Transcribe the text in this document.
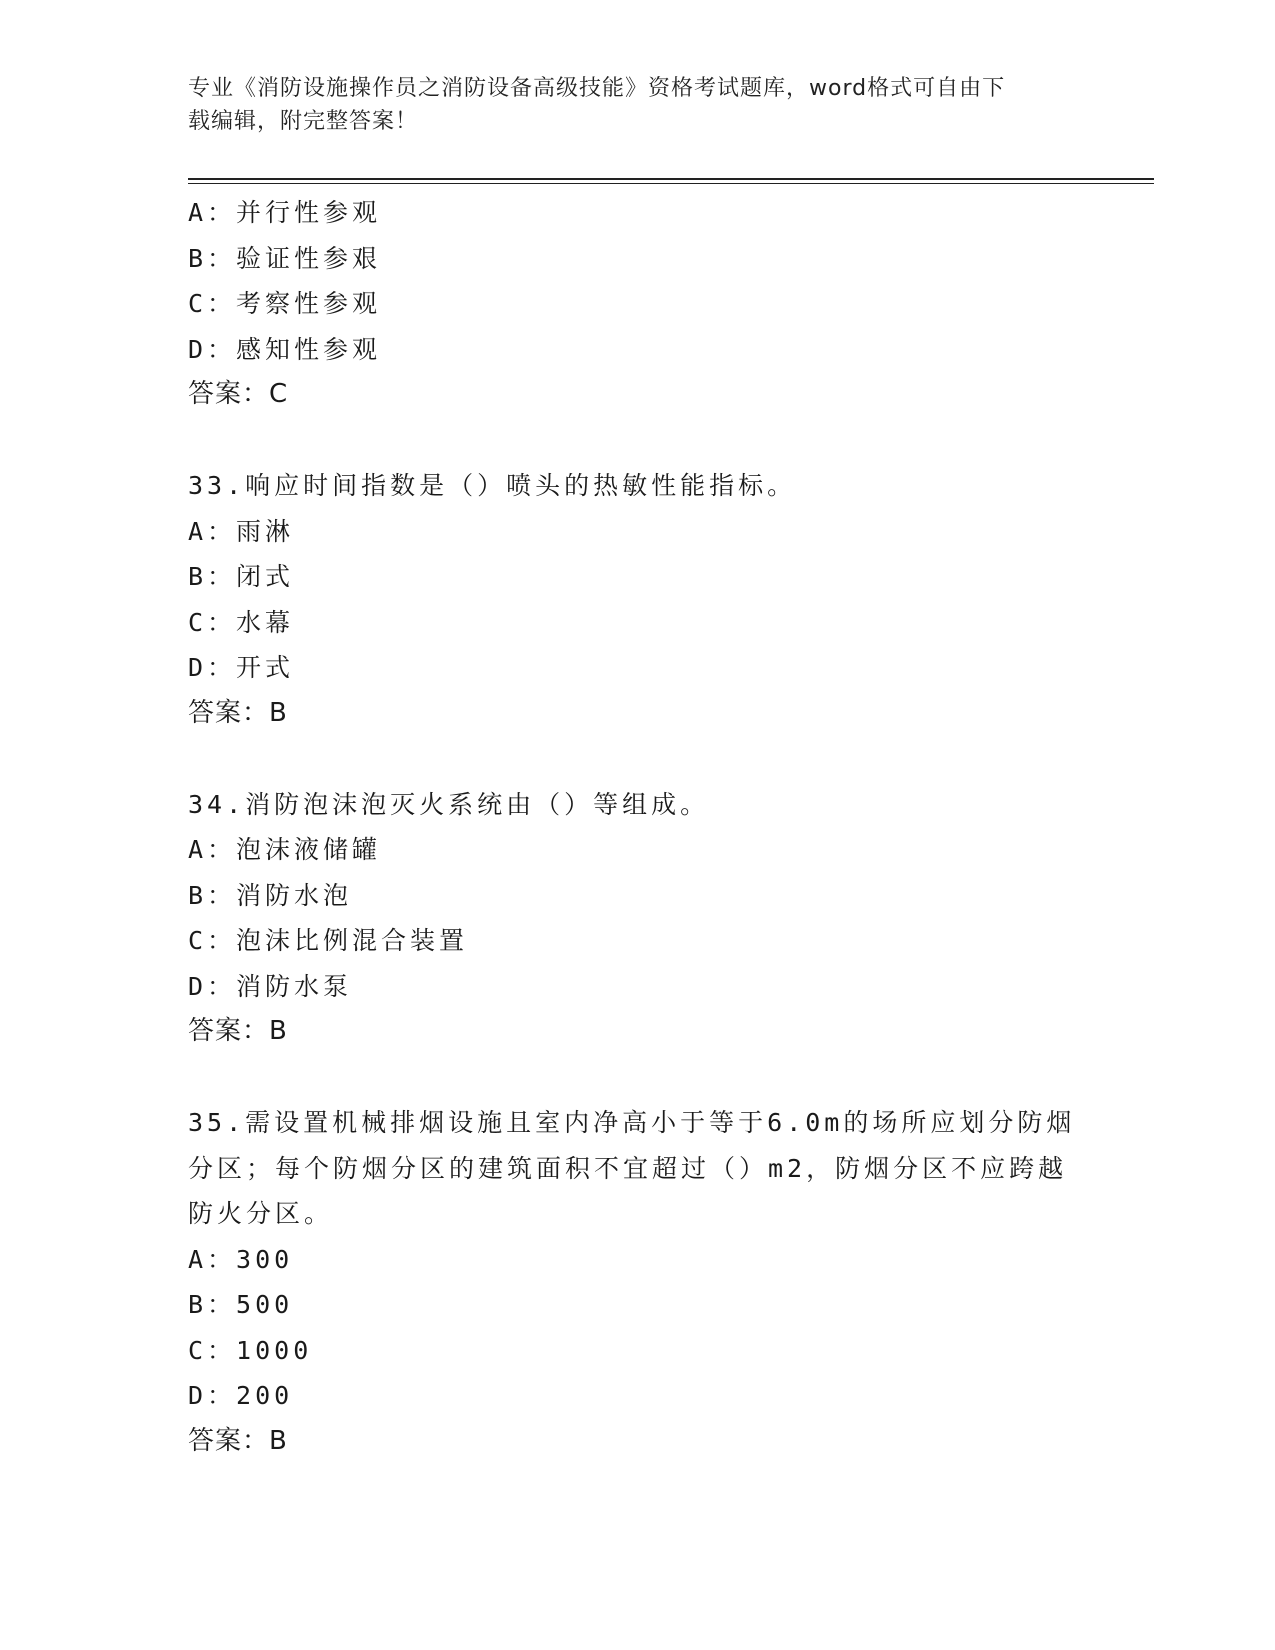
专业《消防设施操作员之消防设备高级技能》资格考试题库，word格式可自由下
载编辑，附完整答案！
A：并行性参观
B：验证性参艰
C：考察性参观
D：感知性参观
答案：C
33.响应时间指数是（）喷头的热敏性能指标。
A：雨淋
B：闭式
C：水幕
D：开式
答案：B
34.消防泡沫泡灭火系统由（）等组成。
A：泡沫液储罐
B：消防水泡
C：泡沫比例混合装置
D：消防水泵
答案：B
35.需设置机械排烟设施且室内净高小于等于6.0m的场所应划分防烟
分区；每个防烟分区的建筑面积不宜超过（）m2，防烟分区不应跨越
防火分区。
A：300
B：500
C：1000
D：200
答案：B
